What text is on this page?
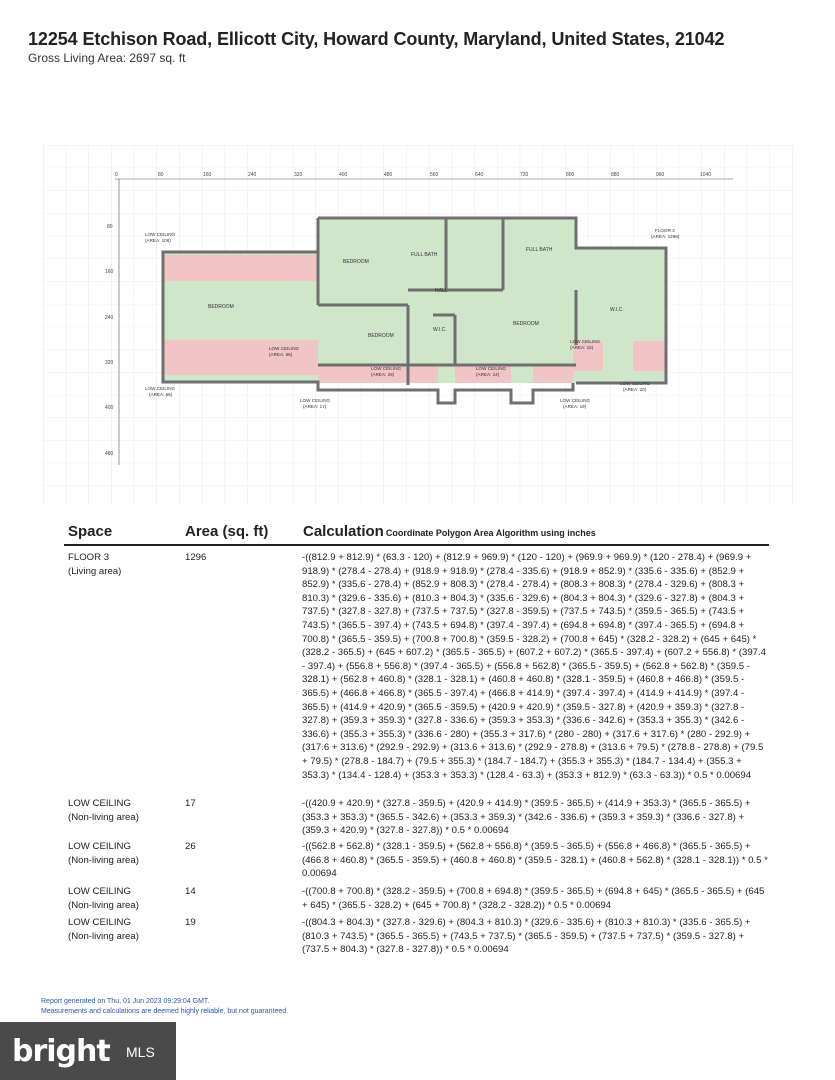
12254 Etchison Road, Ellicott City, Howard County, Maryland, United States, 21042
Gross Living Area: 2697 sq. ft
0	80	160	240	320	400	480	560	640	720	800	880	960	1040
80
160
240
320
400
480
BEDROOM
FULL BATH
FULL BATH
BEDROOM
BEDROOM
BEDROOM
HALL
W.I.C.
W.I.C.
FLOOR 3
(AREA: 1296)
LOW CEILING
(AREA: 108)
LOW CEILING
(AREA: 56)
LOW CEILING
(AREA: 65)
LOW CEILING
(AREA: 26)
LOW CEILING
(AREA: 14)
LOW CEILING
(AREA: 16)
LOW CEILING
(AREA: 17)
LOW CEILING
(AREA: 19)
LOW CEILING
(AREA: 20)
Space	Area (sq. ft) Calculation Coordinate Polygon Area Algorithm using inches
FLOOR 3
(Living area)
1296	-((812.9 + 812.9) * (63.3 - 120) + (812.9 + 969.9) * (120 - 120) + (969.9 + 969.9) * (120 - 278.4) + (969.9 + 918.9) * (278.4 - 278.4) + (918.9 + 918.9) * (278.4 - 335.6) + (918.9 + 852.9) * (335.6 - 335.6) + (852.9 + 852.9) * (335.6 - 278.4) + (852.9 + 808.3) * (278.4 - 278.4) + (808.3 + 808.3) * (278.4 - 329.6) + (808.3 + 810.3) * (329.6 - 335.6) + (810.3 + 804.3) * (335.6 - 329.6) + (804.3 + 804.3) * (329.6 - 327.8) + (804.3 + 737.5) * (327.8 - 327.8) + (737.5 + 737.5) * (327.8 - 359.5) + (737.5 + 743.5) * (359.5 - 365.5) + (743.5 + 743.5) * (365.5 - 397.4) + (743.5 + 694.8) * (397.4 - 397.4) + (694.8 + 694.8) * (397.4 - 365.5) + (694.8 + 700.8) * (365.5 - 359.5) + (700.8 + 700.8) * (359.5 - 328.2) + (700.8 + 645) * (328.2 - 328.2) + (645 + 645) * (328.2 - 365.5) + (645 + 607.2) * (365.5 - 365.5) + (607.2 + 607.2) * (365.5 - 397.4) + (607.2 + 556.8) * (397.4 - 397.4) + (556.8 + 556.8) * (397.4 - 365.5) + (556.8 + 562.8) * (365.5 - 359.5) + (562.8 + 562.8) * (359.5 - 328.1) + (562.8 + 460.8) * (328.1 - 328.1) + (460.8 + 460.8) * (328.1 - 359.5) + (460.8 + 466.8) * (359.5 - 365.5) + (466.8 + 466.8) * (365.5 - 397.4) + (466.8 + 414.9) * (397.4 - 397.4) + (414.9 + 414.9) * (397.4 - 365.5) + (414.9 + 420.9) * (365.5 - 359.5) + (420.9 + 420.9) * (359.5 - 327.8) + (420.9 + 359.3) * (327.8 - 327.8) + (359.3 + 359.3) * (327.8 - 336.6) + (359.3 + 353.3) * (336.6 - 342.6) + (353.3 + 355.3) * (342.6 - 336.6) + (355.3 + 355.3) * (336.6 - 280) + (355.3 + 317.6) * (280 - 280) + (317.6 + 317.6) * (280 - 292.9) + (317.6 + 313.6) * (292.9 - 292.9) + (313.6 + 313.6) * (292.9 - 278.8) + (313.6 + 79.5) * (278.8 - 278.8) + (79.5 + 79.5) * (278.8 - 184.7) + (79.5 + 355.3) * (184.7 - 184.7) + (355.3 + 355.3) * (184.7 - 134.4) + (355.3 + 353.3) * (134.4 - 128.4) + (353.3 + 353.3) * (128.4 - 63.3) + (353.3 + 812.9) * (63.3 - 63.3)) * 0.5 * 0.00694
LOW CEILING
(Non-living area)
17	-((420.9 + 420.9) * (327.8 - 359.5) + (420.9 + 414.9) * (359.5 - 365.5) + (414.9 + 353.3) * (365.5 - 365.5) + (353.3 + 353.3) * (365.5 - 342.6) + (353.3 + 359.3) * (342.6 - 336.6) + (359.3 + 359.3) * (336.6 - 327.8) + (359.3 + 420.9) * (327.8 - 327.8)) * 0.5 * 0.00694
LOW CEILING
(Non-living area)
26	-((562.8 + 562.8) * (328.1 - 359.5) + (562.8 + 556.8) * (359.5 - 365.5) + (556.8 + 466.8) * (365.5 - 365.5) + (466.8 + 460.8) * (365.5 - 359.5) + (460.8 + 460.8) * (359.5 - 328.1) + (460.8 + 562.8) * (328.1 - 328.1)) * 0.5 * 0.00694
LOW CEILING
(Non-living area)
14	-((700.8 + 700.8) * (328.2 - 359.5) + (700.8 + 694.8) * (359.5 - 365.5) + (694.8 + 645) * (365.5 - 365.5) + (645 + 645) * (365.5 - 328.2) + (645 + 700.8) * (328.2 - 328.2)) * 0.5 * 0.00694
LOW CEILING
(Non-living area)
19	-((804.3 + 804.3) * (327.8 - 329.6) + (804.3 + 810.3) * (329.6 - 335.6) + (810.3 + 810.3) * (335.6 - 365.5) + (810.3 + 743.5) * (365.5 - 365.5) + (743.5 + 737.5) * (365.5 - 359.5) + (737.5 + 737.5) * (359.5 - 327.8) + (737.5 + 804.3) * (327.8 - 327.8)) * 0.5 * 0.00694
Report generated on Thu, 01 Jun 2023 09:29:04 GMT.
Measurements and calculations are deemed highly reliable, but not guaranteed.
bright MLS
